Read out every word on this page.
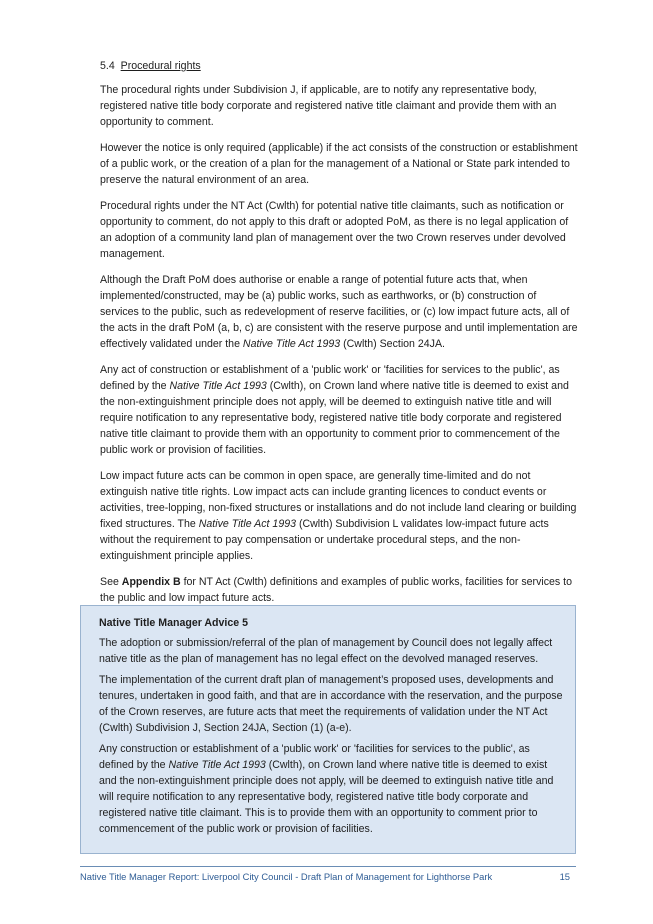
5.4 Procedural rights

The procedural rights under Subdivision J, if applicable, are to notify any representative body, registered native title body corporate and registered native title claimant and provide them with an opportunity to comment.

However the notice is only required (applicable) if the act consists of the construction or establishment of a public work, or the creation of a plan for the management of a National or State park intended to preserve the natural environment of an area.

Procedural rights under the NT Act (Cwlth) for potential native title claimants, such as notification or opportunity to comment, do not apply to this draft or adopted PoM, as there is no legal application of an adoption of a community land plan of management over the two Crown reserves under devolved management.

Although the Draft PoM does authorise or enable a range of potential future acts that, when implemented/constructed, may be (a) public works, such as earthworks, or (b) construction of services to the public, such as redevelopment of reserve facilities, or (c) low impact future acts, all of the acts in the draft PoM (a, b, c) are consistent with the reserve purpose and until implementation are effectively validated under the Native Title Act 1993 (Cwlth) Section 24JA.

Any act of construction or establishment of a 'public work' or 'facilities for services to the public', as defined by the Native Title Act 1993 (Cwlth), on Crown land where native title is deemed to exist and the non-extinguishment principle does not apply, will be deemed to extinguish native title and will require notification to any representative body, registered native title body corporate and registered native title claimant to provide them with an opportunity to comment prior to commencement of the public work or provision of facilities.

Low impact future acts can be common in open space, are generally time-limited and do not extinguish native title rights. Low impact acts can include granting licences to conduct events or activities, tree-lopping, non-fixed structures or installations and do not include land clearing or building fixed structures. The Native Title Act 1993 (Cwlth) Subdivision L validates low-impact future acts without the requirement to pay compensation or undertake procedural steps, and the non-extinguishment principle applies.

See Appendix B for NT Act (Cwlth) definitions and examples of public works, facilities for services to the public and low impact future acts.

Native Title Manager Advice 5

The adoption or submission/referral of the plan of management by Council does not legally affect native title as the plan of management has no legal effect on the devolved managed reserves.

The implementation of the current draft plan of management’s proposed uses, developments and tenures, undertaken in good faith, and that are in accordance with the reservation, and the purpose of the Crown reserves, are future acts that meet the requirements of validation under the NT Act (Cwlth) Subdivision J, Section 24JA, Section (1) (a-e).

Any construction or establishment of a 'public work' or 'facilities for services to the public', as defined by the Native Title Act 1993 (Cwlth), on Crown land where native title is deemed to exist and the non-extinguishment principle does not apply, will be deemed to extinguish native title and will require notification to any representative body, registered native title body corporate and registered native title claimant. This is to provide them with an opportunity to comment prior to commencement of the public work or provision of facilities.

Native Title Manager Report: Liverpool City Council - Draft Plan of Management for Lighthorse Park	15
